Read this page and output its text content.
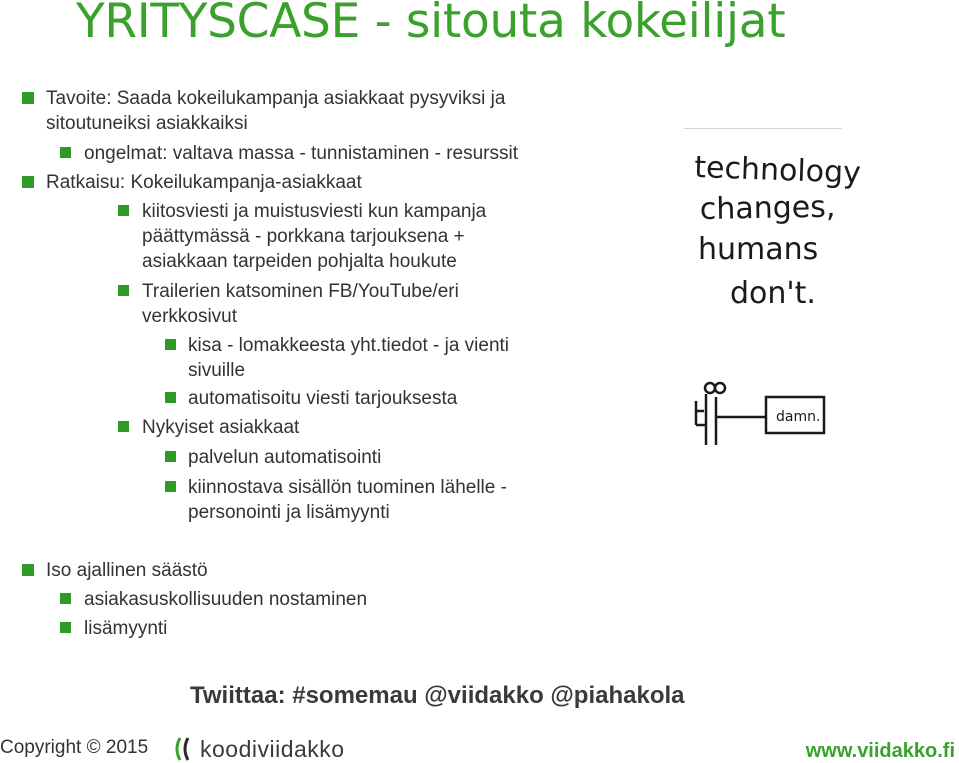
YRITYSCASE - sitouta kokeilijat
Tavoite: Saada kokeilukampanja asiakkaat pysyviksi ja
sitoutuneiksi asiakkaiksi
ongelmat: valtava massa - tunnistaminen - resurssit
Ratkaisu: Kokeilukampanja-asiakkaat
kiitosviesti ja muistusviesti kun kampanja
päättymässä - porkkana tarjouksena +
asiakkaan tarpeiden pohjalta houkute
Trailerien katsominen FB/YouTube/eri
verkkosivut
kisa - lomakkeesta yht.tiedot - ja vienti
sivuille
automatisoitu viesti tarjouksesta
Nykyiset asiakkaat
palvelun automatisointi
kiinnostava sisällön tuominen lähelle -
personointi ja lisämyynti
Iso ajallinen säästö
asiakasuskollisuuden nostaminen
lisämyynti
technology
changes,
humans
don't.
damn.
Twiittaa: #somemau @viidakko @piahakola
Copyright © 2015 koodiviidakko	www.viidakko.fi
